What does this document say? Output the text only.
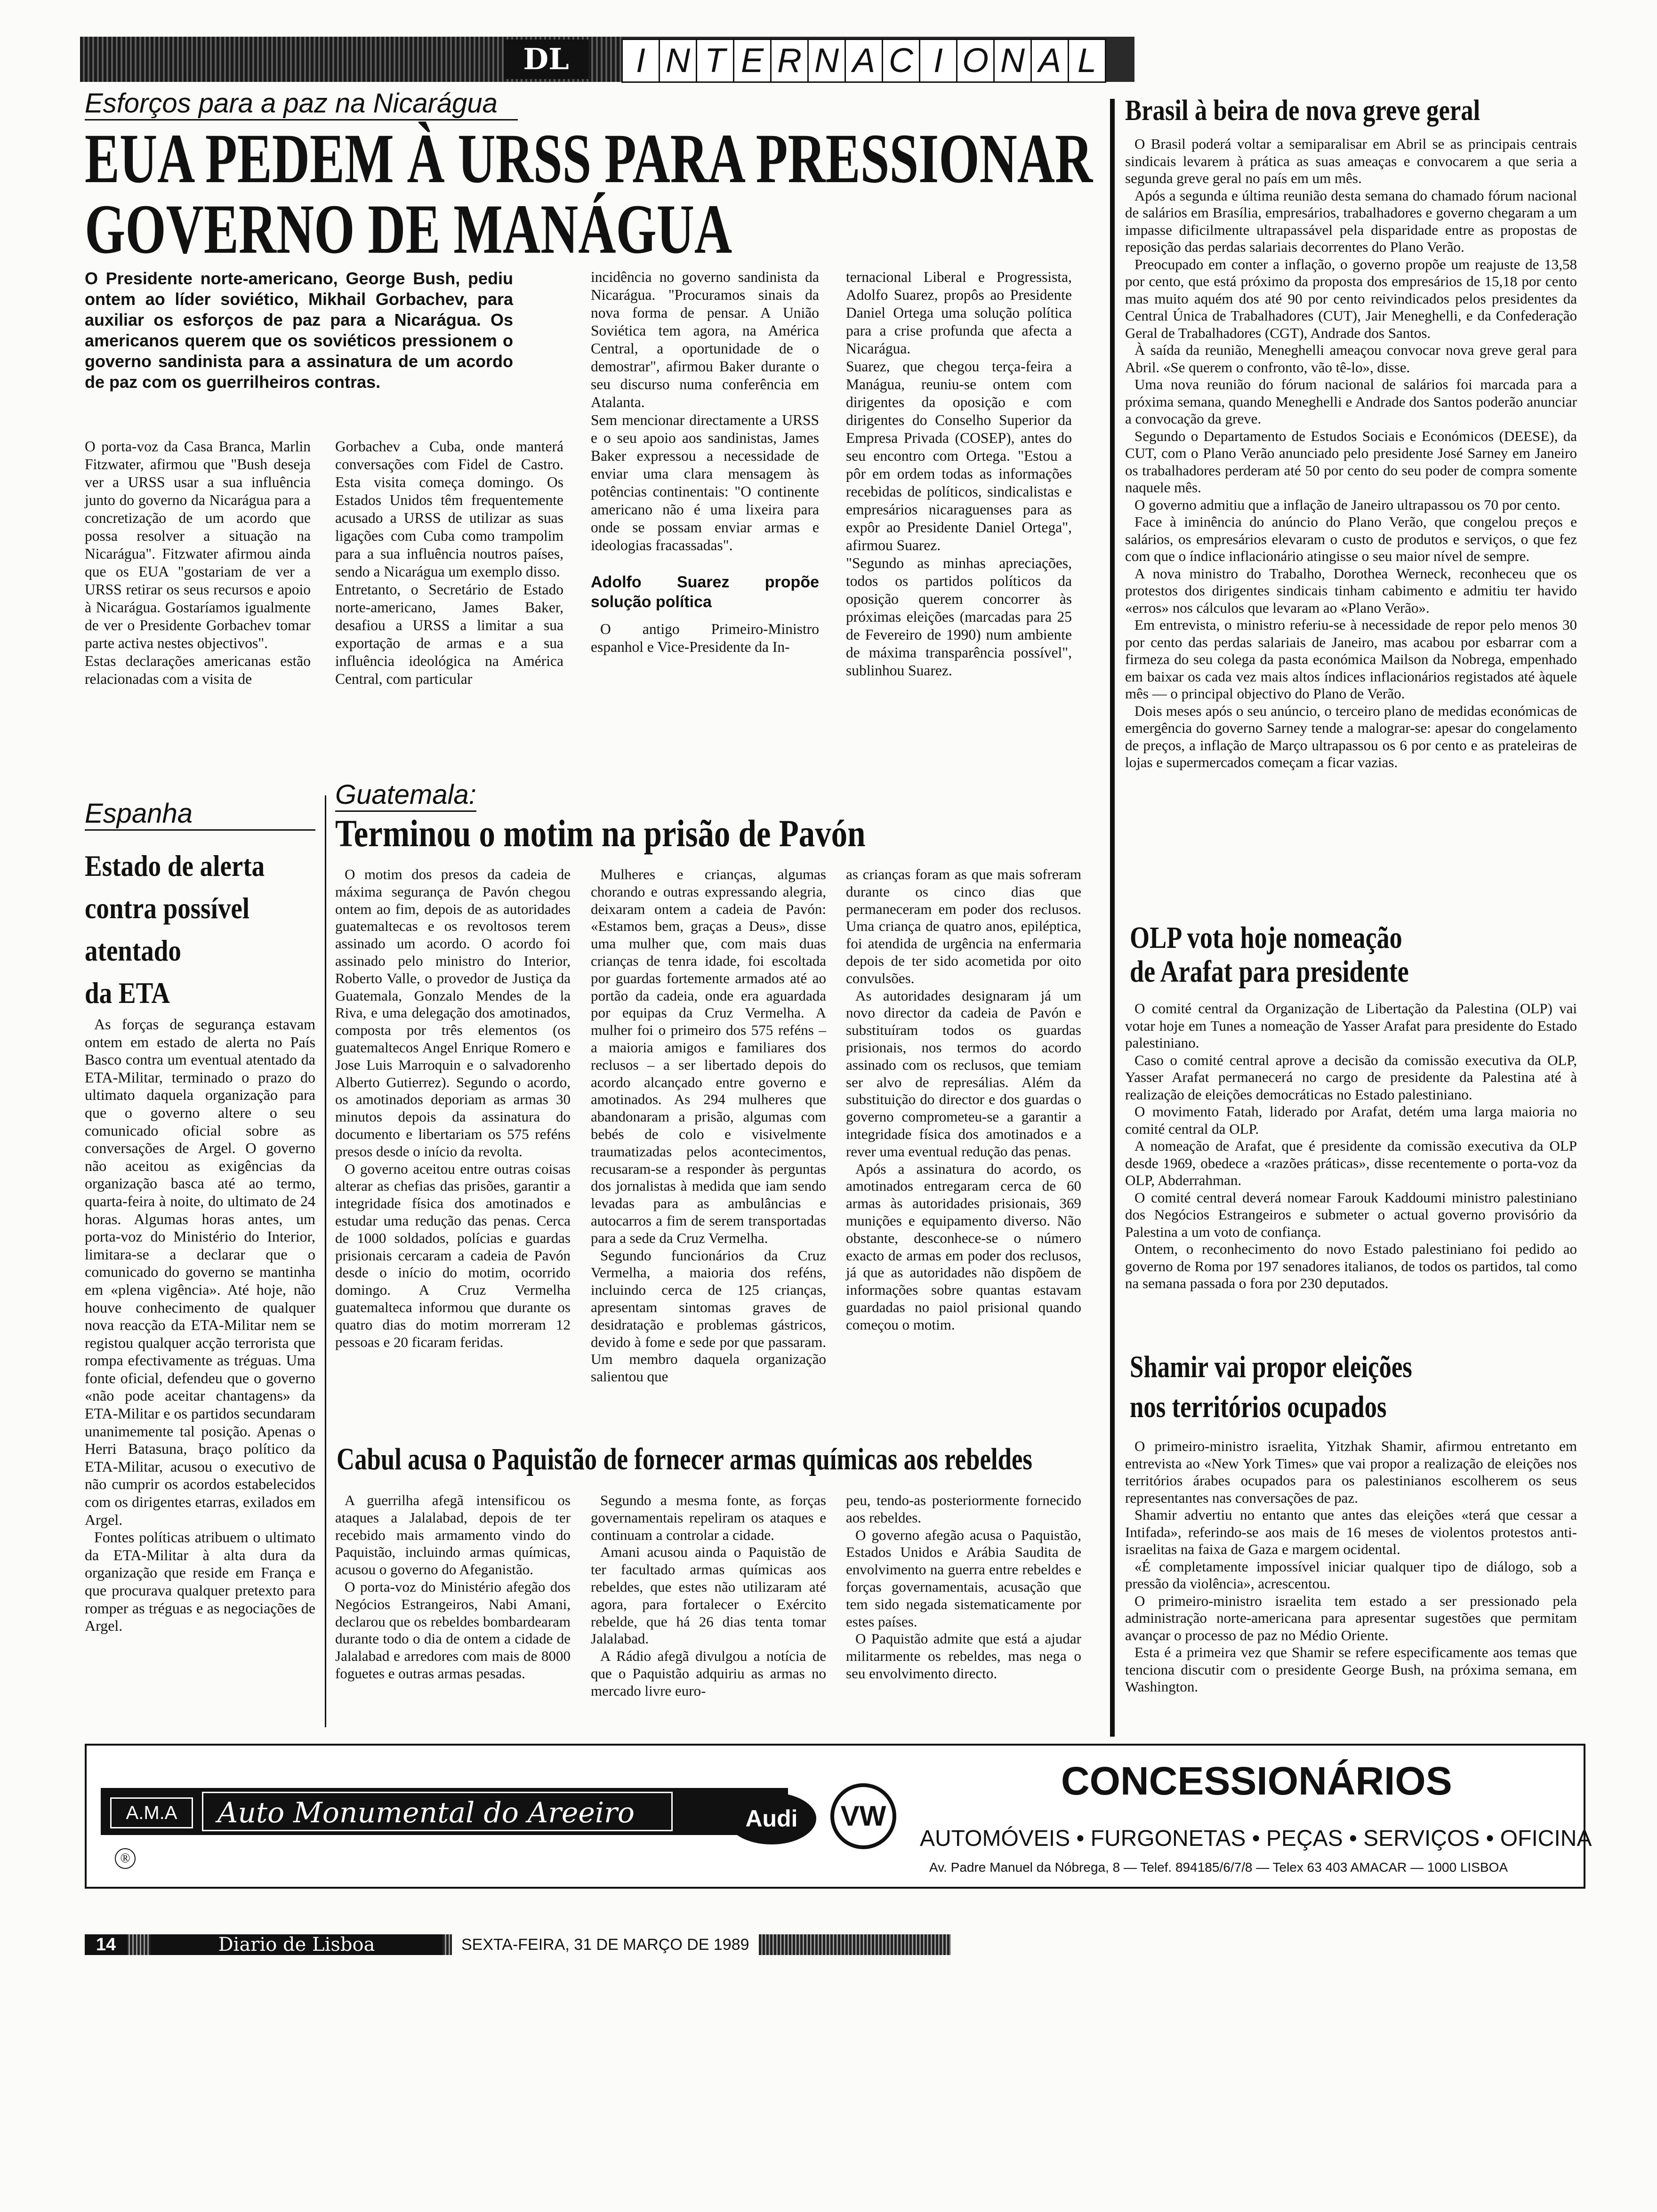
DL	I N T E R N A C I O N A L
Esforços para a paz na Nicarágua
EUA PEDEM À URSS PARA PRESSIONAR
GOVERNO DE MANÁGUA
O Presidente norte-americano, George Bush, pediu ontem ao líder soviético, Mikhail Gorbachev, para auxiliar os esforços de paz para a Nicarágua. Os americanos querem que os soviéticos pressionem o governo sandinista para a assinatura de um acordo de paz com os guerrilheiros contras.

O porta-voz da Casa Branca, Marlin Fitzwater, afirmou que "Bush deseja ver a URSS usar a sua influência junto do governo da Nicarágua para a concretização de um acordo que possa resolver a situação na Nicarágua". Fitzwater afirmou ainda que os EUA "gostariam de ver a URSS retirar os seus recursos e apoio à Nicarágua. Gostaríamos igualmente de ver o Presidente Gorbachev tomar parte activa nestes objectivos".

Estas declarações americanas estão relacionadas com a visita de

Gorbachev a Cuba, onde manterá conversações com Fidel de Castro. Esta visita começa domingo. Os Estados Unidos têm frequentemente acusado a URSS de utilizar as suas ligações com Cuba como trampolim para a sua influência noutros países, sendo a Nicarágua um exemplo disso.

Entretanto, o Secretário de Estado norte-americano, James Baker, desafiou a URSS a limitar a sua exportação de armas e a sua influência ideológica na América Central, com particular

incidência no governo sandinista da Nicarágua. "Procuramos sinais da nova forma de pensar. A União Soviética tem agora, na América Central, a oportunidade de o demostrar", afirmou Baker durante o seu discurso numa conferência em Atalanta.

Sem mencionar directamente a URSS e o seu apoio aos sandinistas, James Baker expressou a necessidade de enviar uma clara mensagem às potências continentais: "O continente americano não é uma lixeira para onde se possam enviar armas e ideologias fracassadas".

Adolfo Suarez propõe solução política

O antigo Primeiro-Ministro espanhol e Vice-Presidente da In-

ternacional Liberal e Progressista, Adolfo Suarez, propôs ao Presidente Daniel Ortega uma solução política para a crise profunda que afecta a Nicarágua.

Suarez, que chegou terça-feira a Manágua, reuniu-se ontem com dirigentes da oposição e com dirigentes do Conselho Superior da Empresa Privada (COSEP), antes do seu encontro com Ortega. "Estou a pôr em ordem todas as informações recebidas de políticos, sindicalistas e empresários nicaraguenses para as expôr ao Presidente Daniel Ortega", afirmou Suarez.

"Segundo as minhas apreciações, todos os partidos políticos da oposição querem concorrer às próximas eleições (marcadas para 25 de Fevereiro de 1990) num ambiente de máxima transparência possível", sublinhou Suarez.

Brasil à beira de nova greve geral

O Brasil poderá voltar a semiparalisar em Abril se as principais centrais sindicais levarem à prática as suas ameaças e convocarem a que seria a segunda greve geral no país em um mês.

Após a segunda e última reunião desta semana do chamado fórum nacional de salários em Brasília, empresários, trabalhadores e governo chegaram a um impasse dificilmente ultrapassável pela disparidade entre as propostas de reposição das perdas salariais decorrentes do Plano Verão.

Preocupado em conter a inflação, o governo propõe um reajuste de 13,58 por cento, que está próximo da proposta dos empresários de 15,18 por cento mas muito aquém dos até 90 por cento reivindicados pelos presidentes da Central Única de Trabalhadores (CUT), Jair Meneghelli, e da Confederação Geral de Trabalhadores (CGT), Andrade dos Santos.

À saída da reunião, Meneghelli ameaçou convocar nova greve geral para Abril. «Se querem o confronto, vão tê-lo», disse.

Uma nova reunião do fórum nacional de salários foi marcada para a próxima semana, quando Meneghelli e Andrade dos Santos poderão anunciar a convocação da greve.

Segundo o Departamento de Estudos Sociais e Económicos (DEESE), da CUT, com o Plano Verão anunciado pelo presidente José Sarney em Janeiro os trabalhadores perderam até 50 por cento do seu poder de compra somente naquele mês.

O governo admitiu que a inflação de Janeiro ultrapassou os 70 por cento.

Face à iminência do anúncio do Plano Verão, que congelou preços e salários, os empresários elevaram o custo de produtos e serviços, o que fez com que o índice inflacionário atingisse o seu maior nível de sempre.

A nova ministro do Trabalho, Dorothea Werneck, reconheceu que os protestos dos dirigentes sindicais tinham cabimento e admitiu ter havido «erros» nos cálculos que levaram ao «Plano Verão».

Em entrevista, o ministro referiu-se à necessidade de repor pelo menos 30 por cento das perdas salariais de Janeiro, mas acabou por esbarrar com a firmeza do seu colega da pasta económica Mailson da Nobrega, empenhado em baixar os cada vez mais altos índices inflacionários registados até àquele mês — o principal objectivo do Plano de Verão.

Dois meses após o seu anúncio, o terceiro plano de medidas económicas de emergência do governo Sarney tende a malograr-se: apesar do congelamento de preços, a inflação de Março ultrapassou os 6 por cento e as prateleiras de lojas e supermercados começam a ficar vazias.

OLP vota hoje nomeação
de Arafat para presidente

O comité central da Organização de Libertação da Palestina (OLP) vai votar hoje em Tunes a nomeação de Yasser Arafat para presidente do Estado palestiniano.

Caso o comité central aprove a decisão da comissão executiva da OLP, Yasser Arafat permanecerá no cargo de presidente da Palestina até à realização de eleições democráticas no Estado palestiniano.

O movimento Fatah, liderado por Arafat, detém uma larga maioria no comité central da OLP.

A nomeação de Arafat, que é presidente da comissão executiva da OLP desde 1969, obedece a «razões práticas», disse recentemente o porta-voz da OLP, Abderrahman.

O comité central deverá nomear Farouk Kaddoumi ministro palestiniano dos Negócios Estrangeiros e submeter o actual governo provisório da Palestina a um voto de confiança.

Ontem, o reconhecimento do novo Estado palestiniano foi pedido ao governo de Roma por 197 senadores italianos, de todos os partidos, tal como na semana passada o fora por 230 deputados.

Shamir vai propor eleições
nos territórios ocupados

O primeiro-ministro israelita, Yitzhak Shamir, afirmou entretanto em entrevista ao «New York Times» que vai propor a realização de eleições nos territórios árabes ocupados para os palestinianos escolherem os seus representantes nas conversações de paz.

Shamir advertiu no entanto que antes das eleições «terá que cessar a Intifada», referindo-se aos mais de 16 meses de violentos protestos anti-israelitas na faixa de Gaza e margem ocidental.

«É completamente impossível iniciar qualquer tipo de diálogo, sob a pressão da violência», acrescentou.

O primeiro-ministro israelita tem estado a ser pressionado pela administração norte-americana para apresentar sugestões que permitam avançar o processo de paz no Médio Oriente.

Esta é a primeira vez que Shamir se refere especificamente aos temas que tenciona discutir com o presidente George Bush, na próxima semana, em Washington.

Espanha
Estado de alerta
contra possível
atentado
da ETA

As forças de segurança estavam ontem em estado de alerta no País Basco contra um eventual atentado da ETA-Militar, terminado o prazo do ultimato daquela organização para que o governo altere o seu comunicado oficial sobre as conversações de Argel. O governo não aceitou as exigências da organização basca até ao termo, quarta-feira à noite, do ultimato de 24 horas. Algumas horas antes, um porta-voz do Ministério do Interior, limitara-se a declarar que o comunicado do governo se mantinha em «plena vigência». Até hoje, não houve conhecimento de qualquer nova reacção da ETA-Militar nem se registou qualquer acção terrorista que rompa efectivamente as tréguas. Uma fonte oficial, defendeu que o governo «não pode aceitar chantagens» da ETA-Militar e os partidos secundaram unanimemente tal posição. Apenas o Herri Batasuna, braço político da ETA-Militar, acusou o executivo de não cumprir os acordos estabelecidos com os dirigentes etarras, exilados em Argel.

Fontes políticas atribuem o ultimato da ETA-Militar à alta dura da organização que reside em França e que procurava qualquer pretexto para romper as tréguas e as negociações de Argel.

Guatemala:
Terminou o motim na prisão de Pavón

O motim dos presos da cadeia de máxima segurança de Pavón chegou ontem ao fim, depois de as autoridades guatemaltecas e os revoltosos terem assinado um acordo. O acordo foi assinado pelo ministro do Interior, Roberto Valle, o provedor de Justiça da Guatemala, Gonzalo Mendes de la Riva, e uma delegação dos amotinados, composta por três elementos (os guatemaltecos Angel Enrique Romero e Jose Luis Marroquin e o salvadorenho Alberto Gutierrez). Segundo o acordo, os amotinados deporiam as armas 30 minutos depois da assinatura do documento e libertariam os 575 reféns presos desde o início da revolta.

O governo aceitou entre outras coisas alterar as chefias das prisões, garantir a integridade física dos amotinados e estudar uma redução das penas. Cerca de 1000 soldados, polícias e guardas prisionais cercaram a cadeia de Pavón desde o início do motim, ocorrido domingo. A Cruz Vermelha guatemalteca informou que durante os quatro dias do motim morreram 12 pessoas e 20 ficaram feridas.

Mulheres e crianças, algumas chorando e outras expressando alegria, deixaram ontem a cadeia de Pavón: «Estamos bem, graças a Deus», disse uma mulher que, com mais duas crianças de tenra idade, foi escoltada por guardas fortemente armados até ao portão da cadeia, onde era aguardada por equipas da Cruz Vermelha. A mulher foi o primeiro dos 575 reféns – a maioria amigos e familiares dos reclusos – a ser libertado depois do acordo alcançado entre governo e amotinados. As 294 mulheres que abandonaram a prisão, algumas com bebés de colo e visivelmente traumatizadas pelos acontecimentos, recusaram-se a responder às perguntas dos jornalistas à medida que iam sendo levadas para as ambulâncias e autocarros a fim de serem transportadas para a sede da Cruz Vermelha.

Segundo funcionários da Cruz Vermelha, a maioria dos reféns, incluindo cerca de 125 crianças, apresentam sintomas graves de desidratação e problemas gástricos, devido à fome e sede por que passaram. Um membro daquela organização salientou que

as crianças foram as que mais sofreram durante os cinco dias que permaneceram em poder dos reclusos. Uma criança de quatro anos, epiléptica, foi atendida de urgência na enfermaria depois de ter sido acometida por oito convulsões.

As autoridades designaram já um novo director da cadeia de Pavón e substituíram todos os guardas prisionais, nos termos do acordo assinado com os reclusos, que temiam ser alvo de represálias. Além da substituição do director e dos guardas o governo comprometeu-se a garantir a integridade física dos amotinados e a rever uma eventual redução das penas.

Após a assinatura do acordo, os amotinados entregaram cerca de 60 armas às autoridades prisionais, 369 munições e equipamento diverso. Não obstante, desconhece-se o número exacto de armas em poder dos reclusos, já que as autoridades não dispõem de informações sobre quantas estavam guardadas no paiol prisional quando começou o motim.

Cabul acusa o Paquistão de fornecer armas químicas aos rebeldes

A guerrilha afegã intensificou os ataques a Jalalabad, depois de ter recebido mais armamento vindo do Paquistão, incluindo armas químicas, acusou o governo do Afeganistão.

O porta-voz do Ministério afegão dos Negócios Estrangeiros, Nabi Amani, declarou que os rebeldes bombardearam durante todo o dia de ontem a cidade de Jalalabad e arredores com mais de 8000 foguetes e outras armas pesadas.

Segundo a mesma fonte, as forças governamentais repeliram os ataques e continuam a controlar a cidade.

Amani acusou ainda o Paquistão de ter facultado armas químicas aos rebeldes, que estes não utilizaram até agora, para fortalecer o Exército rebelde, que há 26 dias tenta tomar Jalalabad.

A Rádio afegã divulgou a notícia de que o Paquistão adquiriu as armas no mercado livre euro-

peu, tendo-as posteriormente fornecido aos rebeldes.

O governo afegão acusa o Paquistão, Estados Unidos e Arábia Saudita de envolvimento na guerra entre rebeldes e forças governamentais, acusação que tem sido negada sistematicamente por estes países.

O Paquistão admite que está a ajudar militarmente os rebeldes, mas nega o seu envolvimento directo.

A.M.A	Auto Monumental do Areeiro
®
Audi	VW
CONCESSIONÁRIOS
AUTOMÓVEIS • FURGONETAS • PEÇAS • SERVIÇOS • OFICINA
Av. Padre Manuel da Nóbrega, 8 — Telef. 894185/6/7/8 — Telex 63 403 AMACAR — 1000 LISBOA
14	Diario de Lisboa	SEXTA-FEIRA, 31 DE MARÇO DE 1989
